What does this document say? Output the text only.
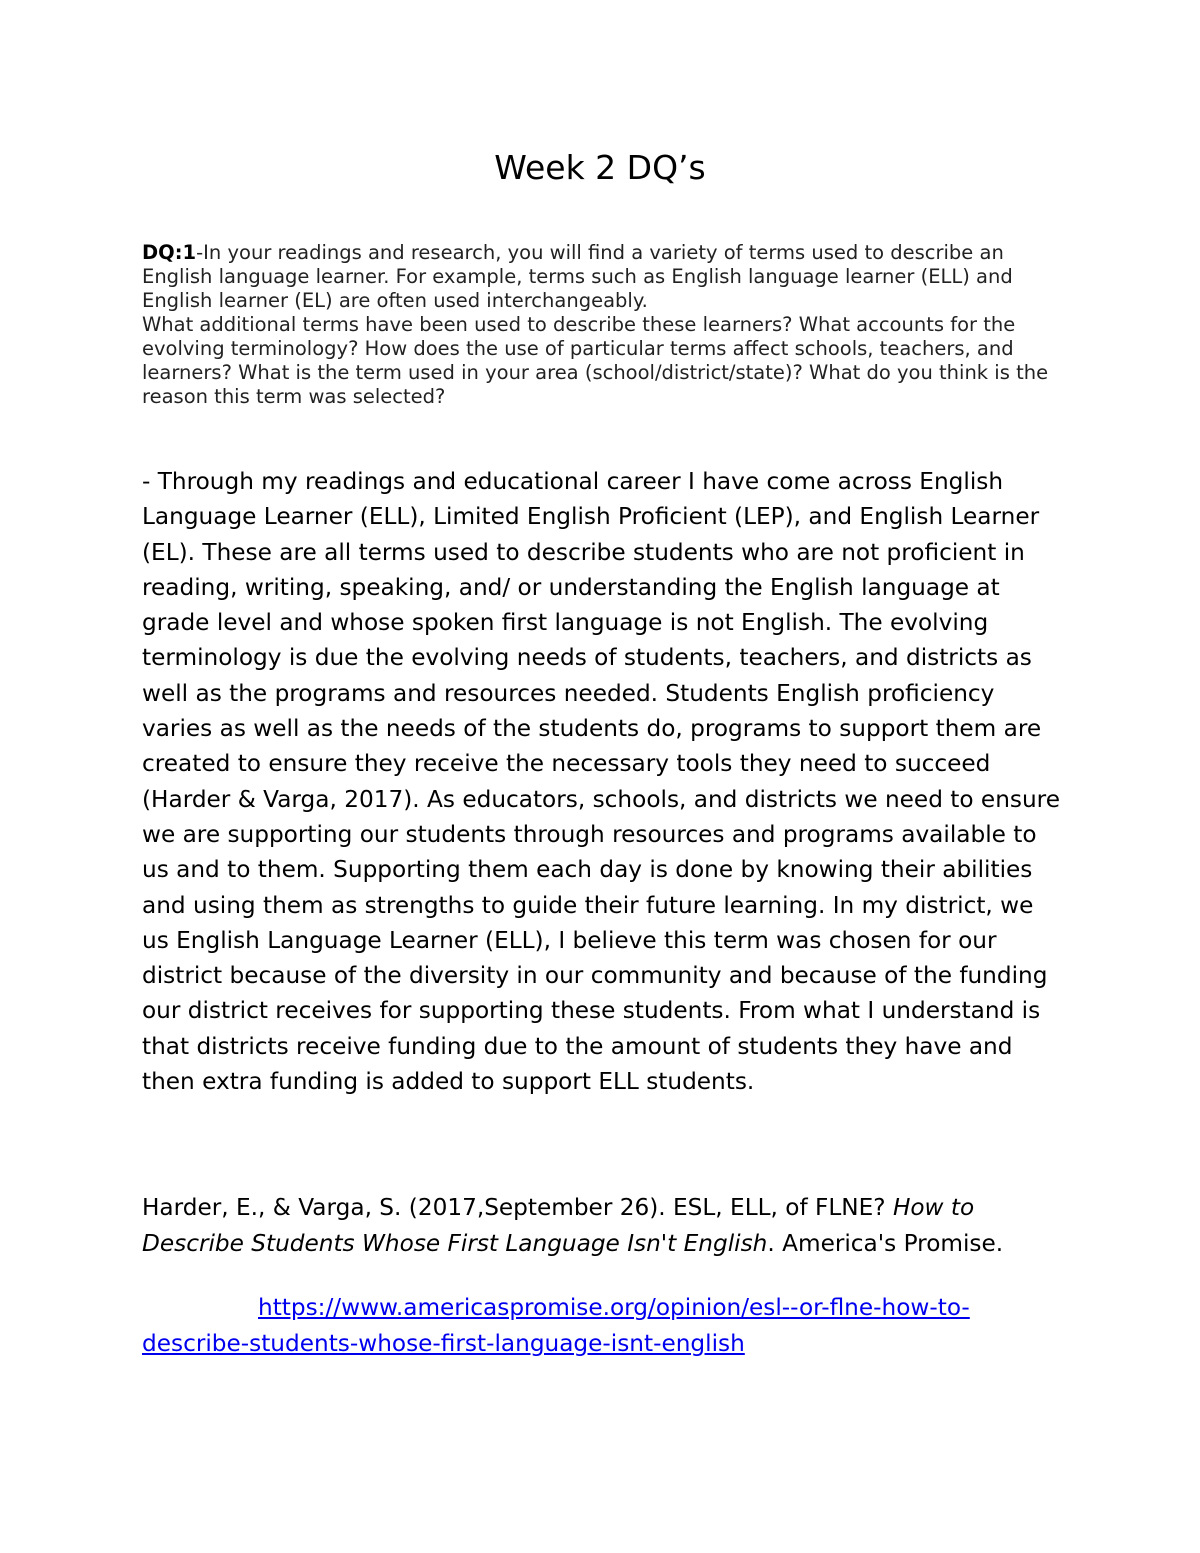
Week 2 DQ’s

DQ:1-In your readings and research, you will find a variety of terms used to describe an English language learner. For example, terms such as English language learner (ELL) and English learner (EL) are often used interchangeably.

What additional terms have been used to describe these learners? What accounts for the evolving terminology? How does the use of particular terms affect schools, teachers, and learners? What is the term used in your area (school/district/state)? What do you think is the reason this term was selected?

- Through my readings and educational career I have come across English Language Learner (ELL), Limited English Proficient (LEP), and English Learner (EL). These are all terms used to describe students who are not proficient in reading, writing, speaking, and/ or understanding the English language at grade level and whose spoken first language is not English. The evolving terminology is due the evolving needs of students, teachers, and districts as well as the programs and resources needed. Students English proficiency varies as well as the needs of the students do, programs to support them are created to ensure they receive the necessary tools they need to succeed (Harder & Varga, 2017). As educators, schools, and districts we need to ensure we are supporting our students through resources and programs available to us and to them. Supporting them each day is done by knowing their abilities and using them as strengths to guide their future learning. In my district, we us English Language Learner (ELL), I believe this term was chosen for our district because of the diversity in our community and because of the funding our district receives for supporting these students. From what I understand is that districts receive funding due to the amount of students they have and then extra funding is added to support ELL students.

Harder, E., & Varga, S. (2017,September 26). ESL, ELL, of FLNE? How to Describe Students Whose First Language Isn't English. America's Promise.

https://www.americaspromise.org/opinion/esl--or-flne-how-to-
describe-students-whose-first-language-isnt-english
